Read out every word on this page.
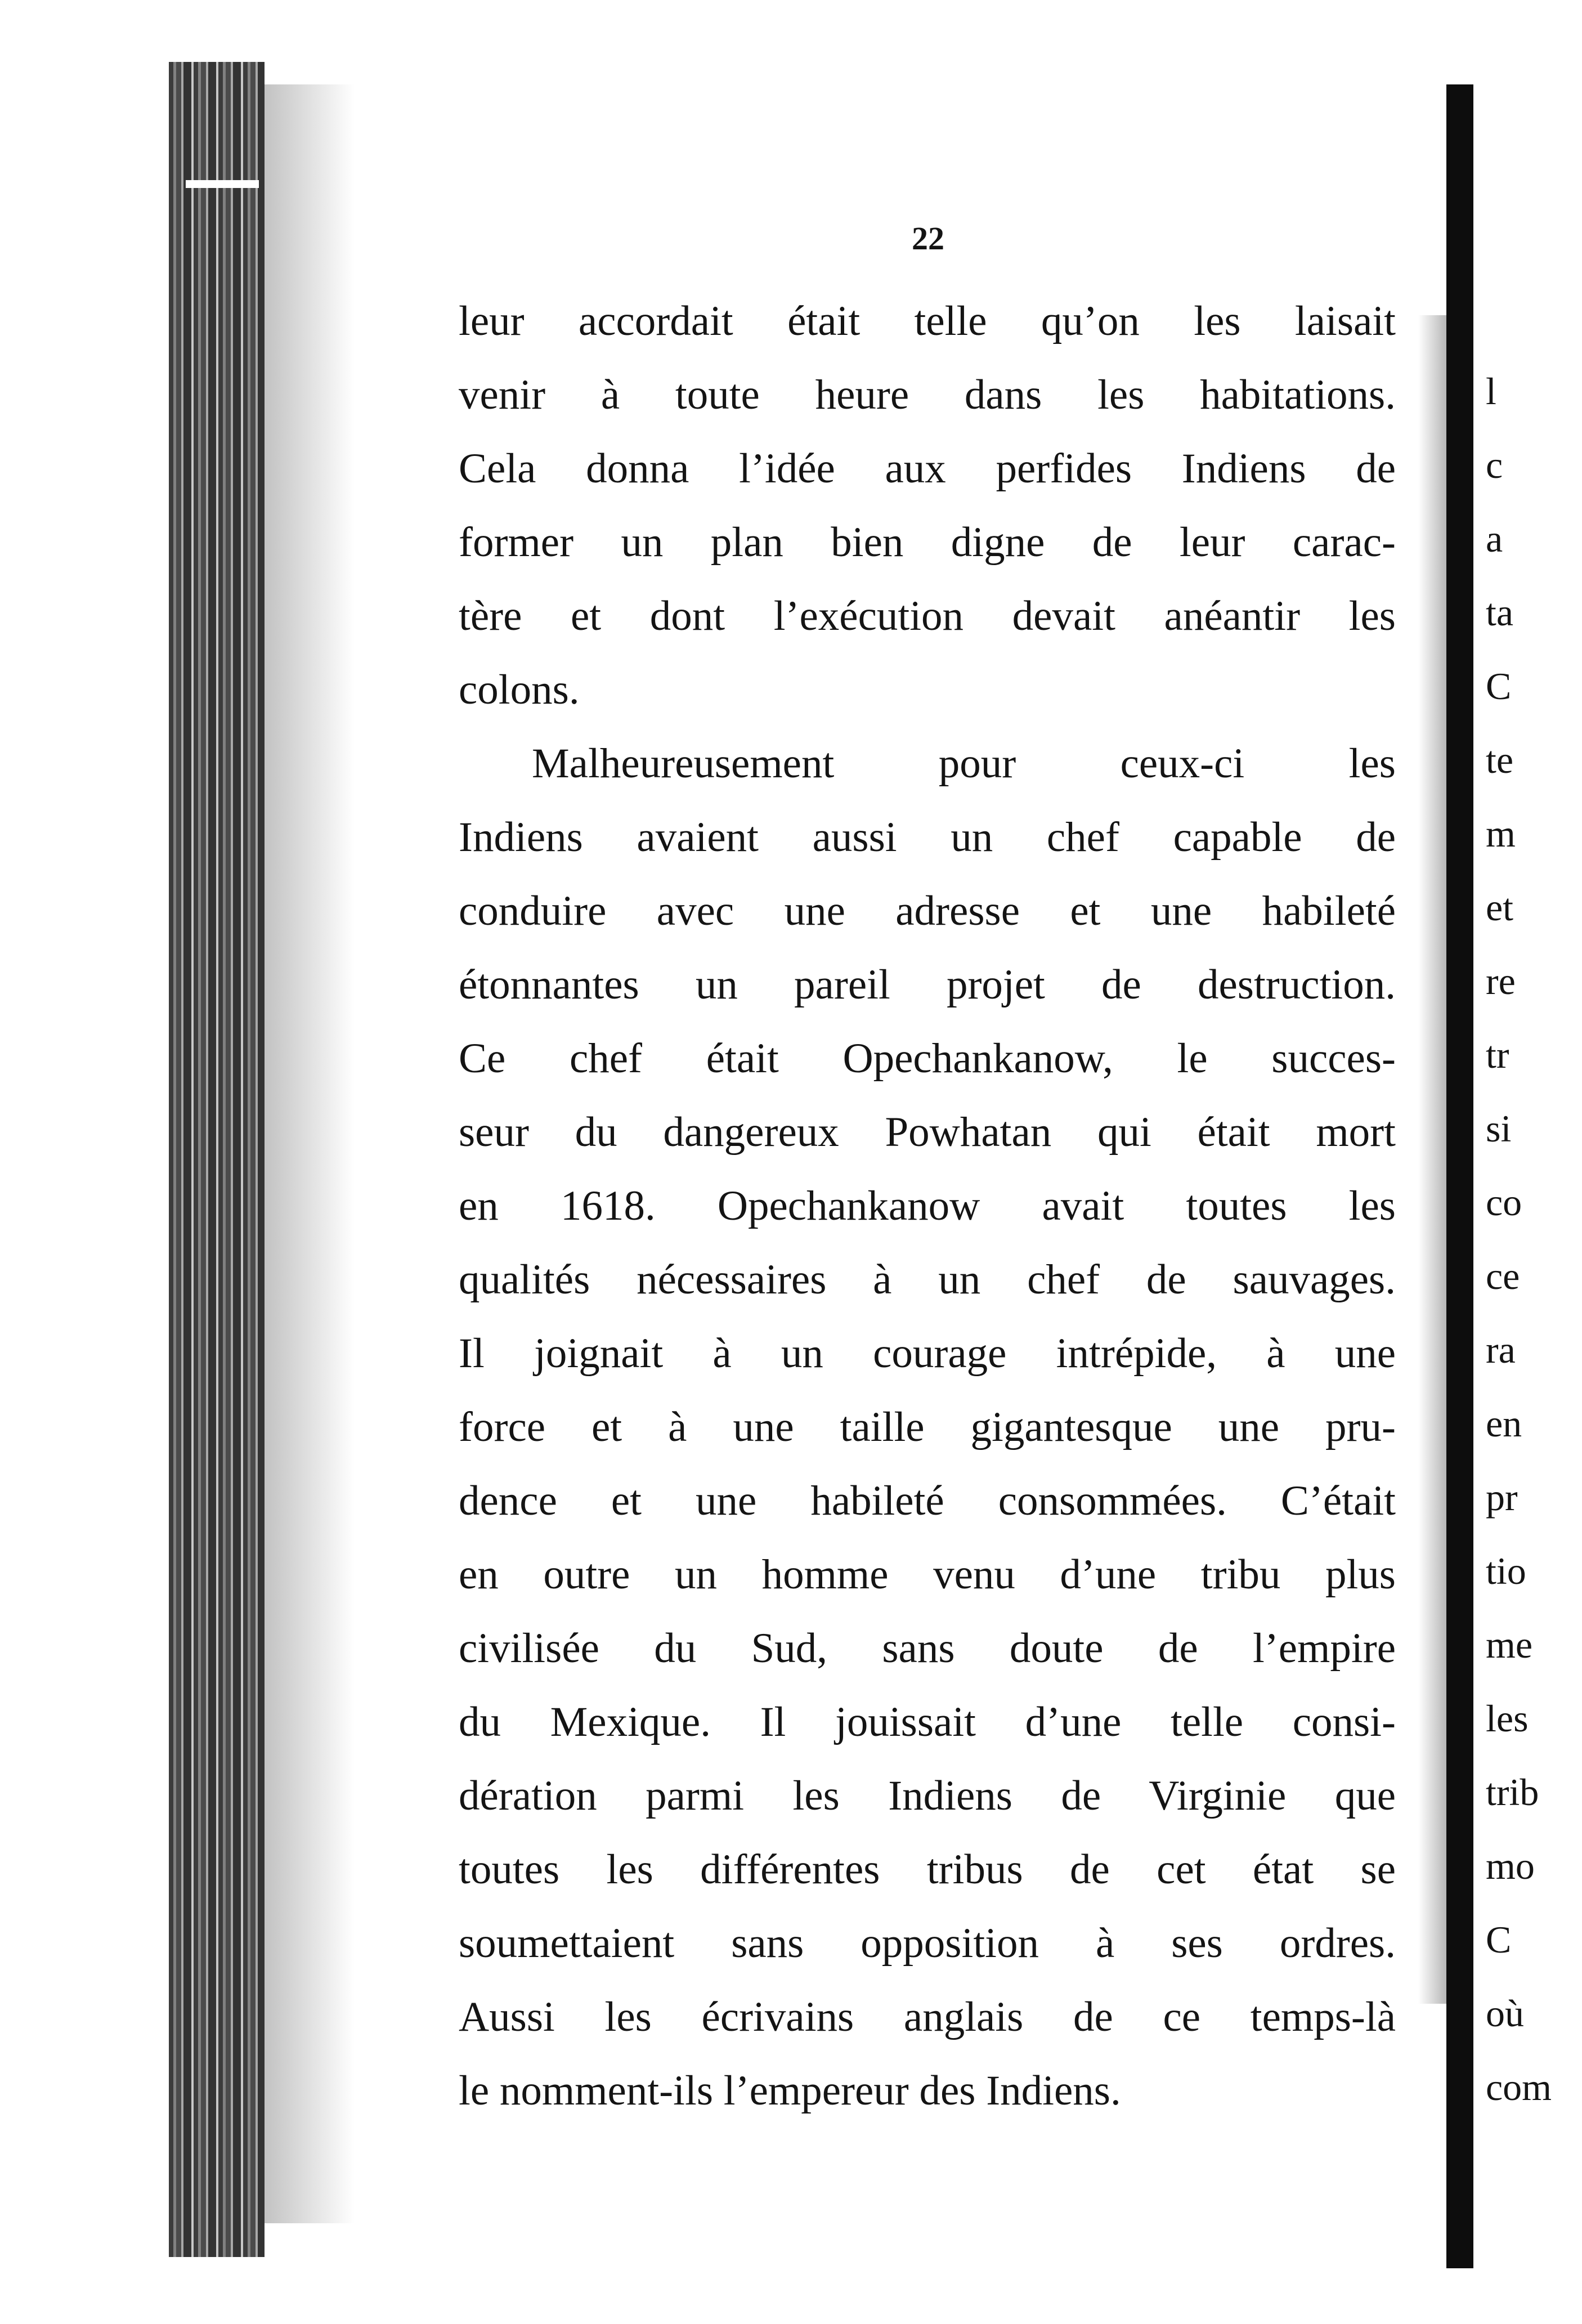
22
leur accordait était telle qu’on les laisait
venir à toute heure dans les habitations.
Cela donna l’idée aux perfides Indiens de
former un plan bien digne de leur carac-
tère et dont l’exécution devait anéantir les
colons.
Malheureusement pour ceux-ci les
Indiens avaient aussi un chef capable de
conduire avec une adresse et une habileté
étonnantes un pareil projet de destruction.
Ce chef était Opechankanow, le succes-
seur du dangereux Powhatan qui était mort
en 1618. Opechankanow avait toutes les
qualités nécessaires à un chef de sauvages.
Il joignait à un courage intrépide, à une
force et à une taille gigantesque une pru-
dence et une habileté consommées. C’était
en outre un homme venu d’une tribu plus
civilisée du Sud, sans doute de l’empire
du Mexique. Il jouissait d’une telle consi-
dération parmi les Indiens de Virginie que
toutes les différentes tribus de cet état se
soumettaient sans opposition à ses ordres.
Aussi les écrivains anglais de ce temps-là
le nomment-ils l’empereur des Indiens.
l
c
a
ta
C
te
m
et
re
tr
si
co
ce
ra
en
pr
tio
me
les
trib
mo
C
où
com
